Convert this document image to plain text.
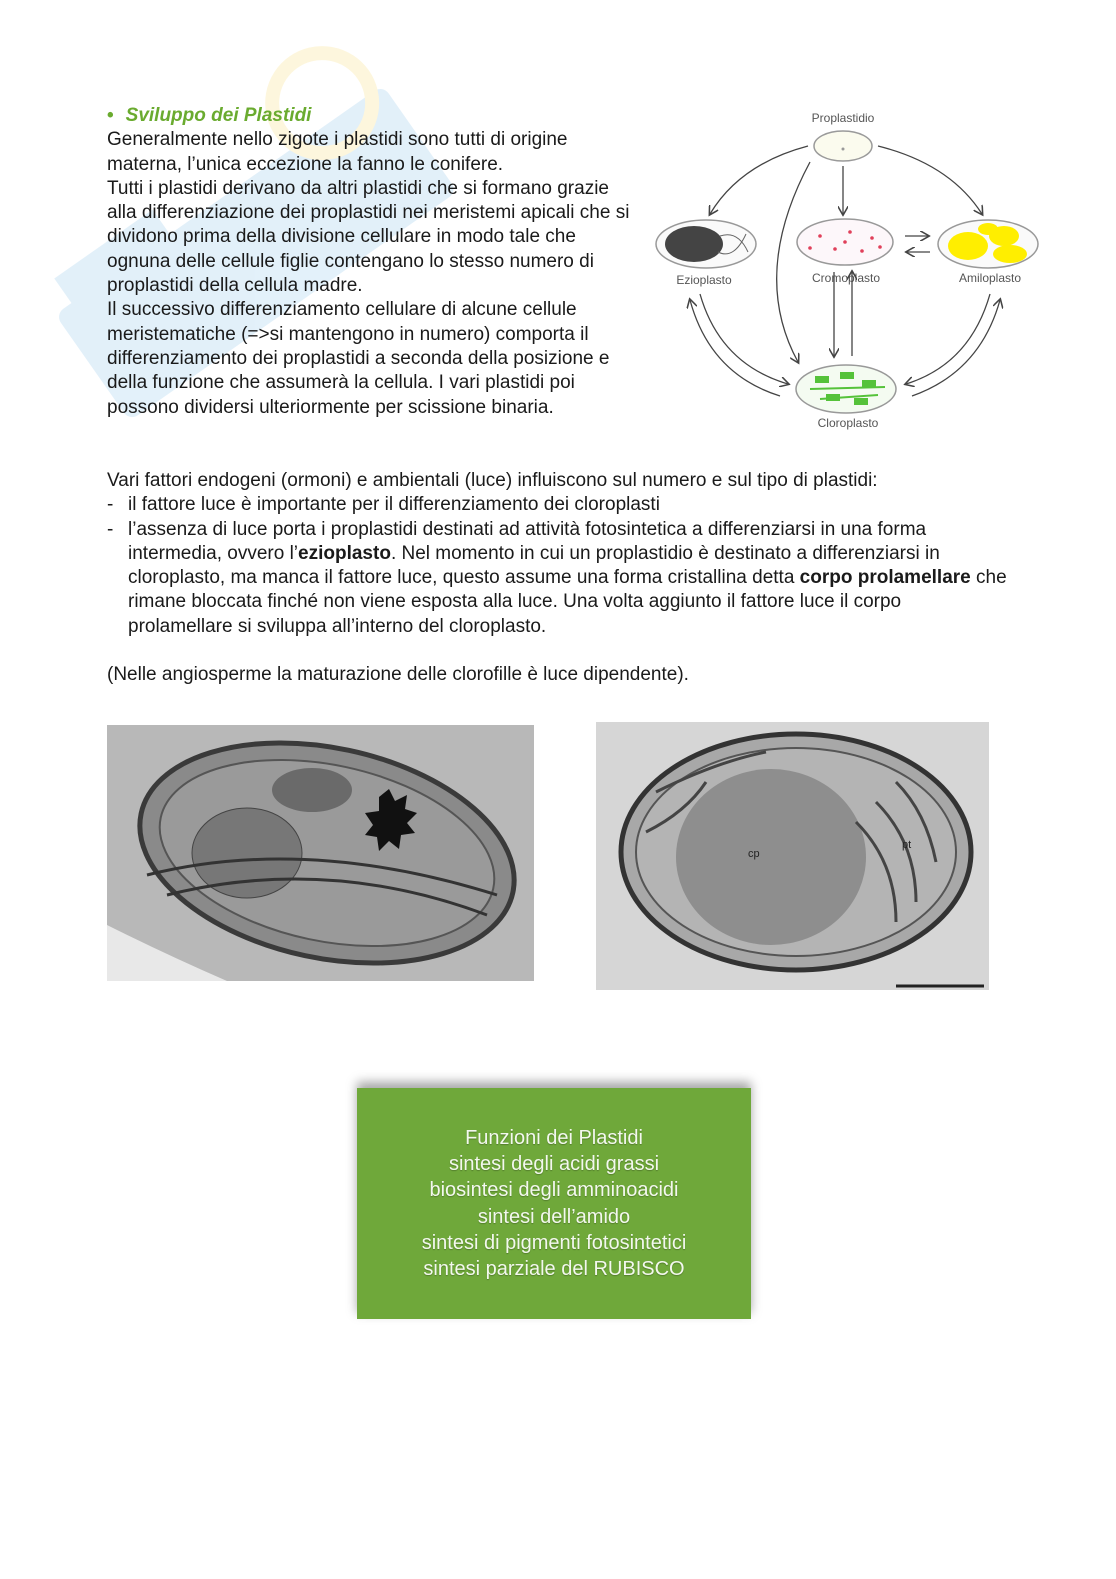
• Sviluppo dei Plastidi

Generalmente nello zigote i plastidi sono tutti di origine materna, l’unica eccezione la fanno le conifere.

Tutti i plastidi derivano da altri plastidi che si formano grazie alla differenziazione dei proplastidi nei meristemi apicali che si dividono prima della divisione cellulare in modo tale che ognuna delle cellule figlie contengano lo stesso numero di proplastidi della cellula madre.

Il successivo differenziamento cellulare di alcune cellule meristematiche (=>si mantengono in numero) comporta il differenziamento dei proplastidi a seconda della posizione e della funzione che assumerà la cellula. I vari plastidi poi possono dividersi ulteriormente per scissione binaria.

Proplastidio
Ezioplasto	Cromoplasto	Amiloplasto
Cloroplasto

Vari fattori endogeni (ormoni) e ambientali (luce) influiscono sul numero e sul tipo di plastidi:

- il fattore luce è importante per il differenziamento dei cloroplasti
- l’assenza di luce porta i proplastidi destinati ad attività fotosintetica a differenziarsi in una forma intermedia, ovvero l’ezioplasto. Nel momento in cui un proplastidio è destinato a differenziarsi in cloroplasto, ma manca il fattore luce, questo assume una forma cristallina detta corpo prolamellare che rimane bloccata finché non viene esposta alla luce. Una volta aggiunto il fattore luce il corpo prolamellare si sviluppa all’interno del cloroplasto.

(Nelle angiosperme la maturazione delle clorofille è luce dipendente).

cp
pt
Funzioni dei Plastidi
sintesi degli acidi grassi
biosintesi degli amminoacidi
sintesi dell’amido
sintesi di pigmenti fotosintetici
sintesi parziale del RUBISCO
